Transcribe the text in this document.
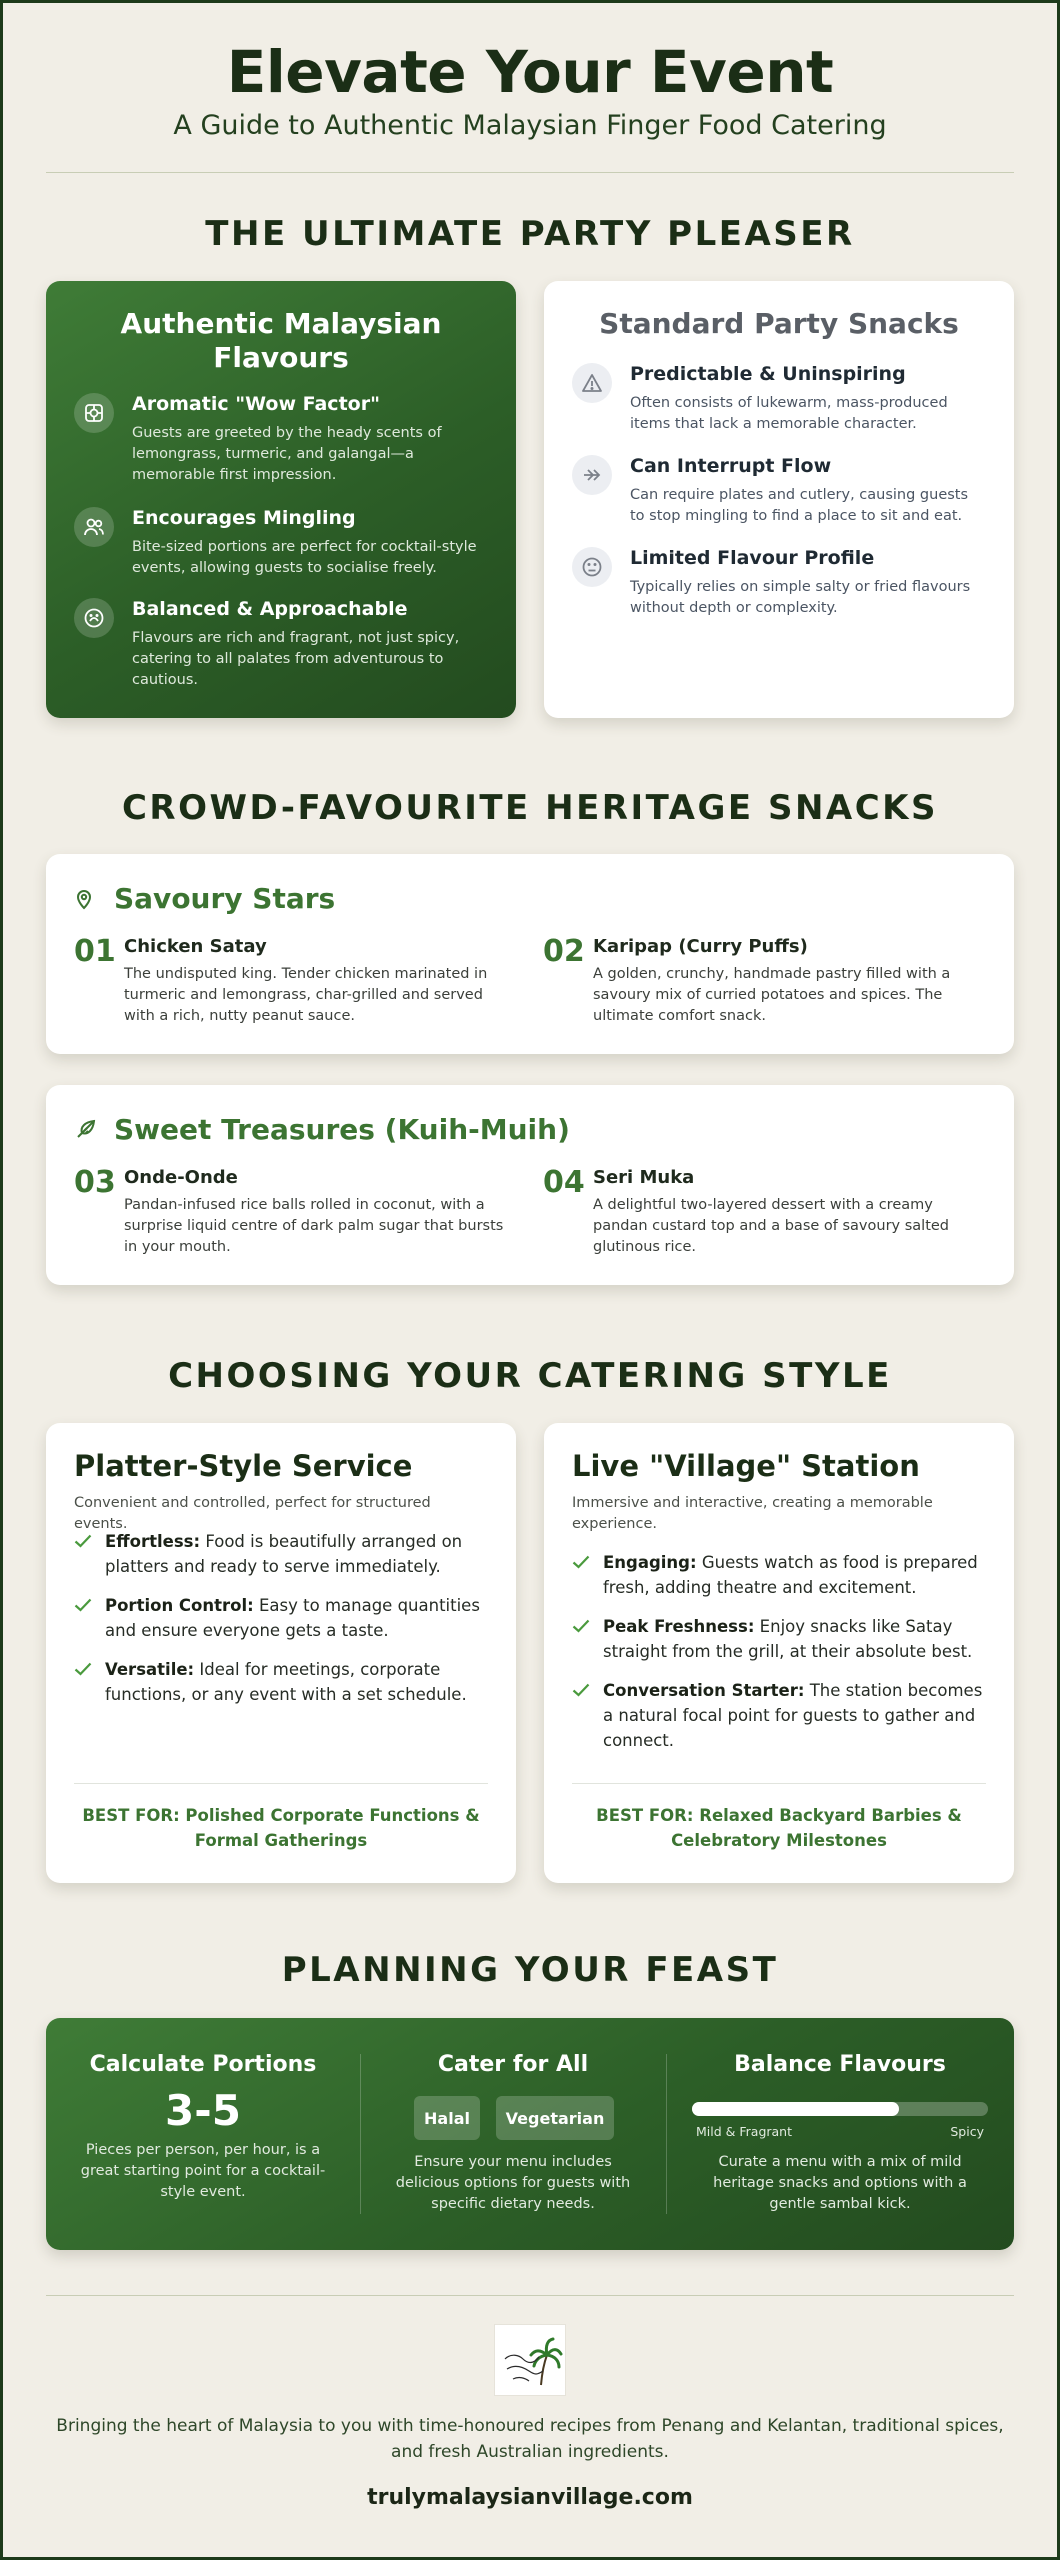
Elevate Your Event
A Guide to Authentic Malaysian Finger Food Catering
THE ULTIMATE PARTY PLEASER
Authentic Malaysian Flavours
Aromatic "Wow Factor"
Guests are greeted by the heady scents of lemongrass, turmeric, and galangal—a memorable first impression.
Encourages Mingling
Bite-sized portions are perfect for cocktail-style events, allowing guests to socialise freely.
Balanced & Approachable
Flavours are rich and fragrant, not just spicy, catering to all palates from adventurous to cautious.
Standard Party Snacks
Predictable & Uninspiring
Often consists of lukewarm, mass-produced items that lack a memorable character.
Can Interrupt Flow
Can require plates and cutlery, causing guests to stop mingling to find a place to sit and eat.
Limited Flavour Profile
Typically relies on simple salty or fried flavours without depth or complexity.
CROWD-FAVOURITE HERITAGE SNACKS
Savoury Stars
01 Chicken Satay
The undisputed king. Tender chicken marinated in turmeric and lemongrass, char-grilled and served with a rich, nutty peanut sauce.
02 Karipap (Curry Puffs)
A golden, crunchy, handmade pastry filled with a savoury mix of curried potatoes and spices. The ultimate comfort snack.
Sweet Treasures (Kuih-Muih)
03 Onde-Onde
Pandan-infused rice balls rolled in coconut, with a surprise liquid centre of dark palm sugar that bursts in your mouth.
04 Seri Muka
A delightful two-layered dessert with a creamy pandan custard top and a base of savoury salted glutinous rice.
CHOOSING YOUR CATERING STYLE
Platter-Style Service
Convenient and controlled, perfect for structured events.
Effortless: Food is beautifully arranged on platters and ready to serve immediately.
Portion Control: Easy to manage quantities and ensure everyone gets a taste.
Versatile: Ideal for meetings, corporate functions, or any event with a set schedule.
BEST FOR: Polished Corporate Functions & Formal Gatherings
Live "Village" Station
Immersive and interactive, creating a memorable experience.
Engaging: Guests watch as food is prepared fresh, adding theatre and excitement.
Peak Freshness: Enjoy snacks like Satay straight from the grill, at their absolute best.
Conversation Starter: The station becomes a natural focal point for guests to gather and connect.
BEST FOR: Relaxed Backyard Barbies & Celebratory Milestones
PLANNING YOUR FEAST
Calculate Portions
3-5
Pieces per person, per hour, is a great starting point for a cocktail-style event.
Cater for All
Halal	Vegetarian
Ensure your menu includes delicious options for guests with specific dietary needs.
Balance Flavours
Mild & Fragrant	Spicy
Curate a menu with a mix of mild heritage snacks and options with a gentle sambal kick.
Bringing the heart of Malaysia to you with time-honoured recipes from Penang and Kelantan, traditional spices, and fresh Australian ingredients.
trulymalaysianvillage.com
